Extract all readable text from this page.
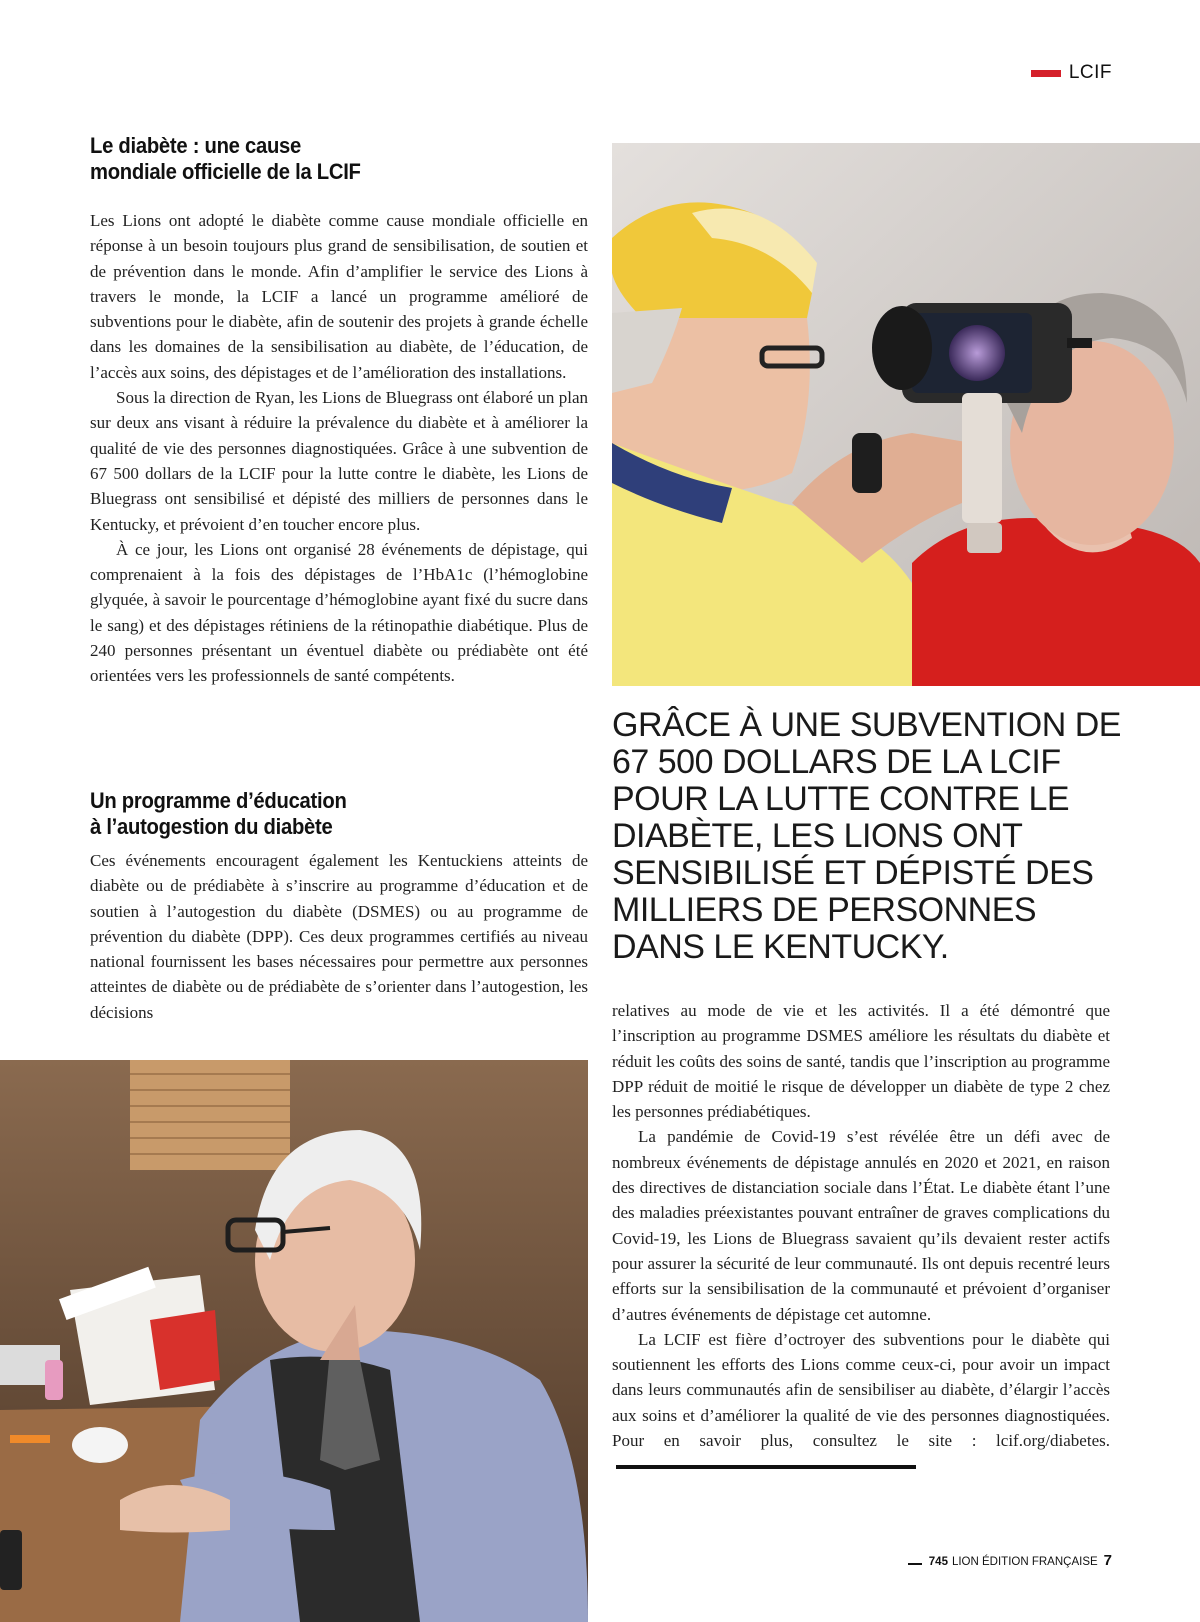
LCIF
Le diabète : une cause
mondiale officielle de la LCIF

Les Lions ont adopté le diabète comme cause mondiale officielle en réponse à un besoin toujours plus grand de sensibilisation, de soutien et de prévention dans le monde. Afin d’amplifier le service des Lions à travers le monde, la LCIF a lancé un programme amélioré de subventions pour le diabète, afin de soutenir des projets à grande échelle dans les domaines de la sensibilisation au diabète, de l’éducation, de l’accès aux soins, des dépistages et de l’amélioration des installations.

Sous la direction de Ryan, les Lions de Bluegrass ont élaboré un plan sur deux ans visant à réduire la prévalence du diabète et à améliorer la qualité de vie des personnes diagnostiquées. Grâce à une subvention de 67 500 dollars de la LCIF pour la lutte contre le diabète, les Lions de Bluegrass ont sensibilisé et dépisté des milliers de personnes dans le Kentucky, et prévoient d’en toucher encore plus.

À ce jour, les Lions ont organisé 28 événements de dépistage, qui comprenaient à la fois des dépistages de l’HbA1c (l’hémoglobine glyquée, à savoir le pourcentage d’hémoglobine ayant fixé du sucre dans le sang) et des dépistages rétiniens de la rétinopathie diabétique. Plus de 240 personnes présentant un éventuel diabète ou prédiabète ont été orientées vers les professionnels de santé compétents.

Un programme d’éducation
à l’autogestion du diabète

Ces événements encouragent également les Kentuckiens atteints de diabète ou de prédiabète à s’inscrire au programme d’éducation et de soutien à l’autogestion du diabète (DSMES) ou au programme de prévention du diabète (DPP). Ces deux programmes certifiés au niveau national fournissent les bases nécessaires pour permettre aux personnes atteintes de diabète ou de prédiabète de s’orienter dans l’autogestion, les décisions

GRÂCE À UNE SUBVENTION DE 67 500 DOLLARS DE LA LCIF POUR LA LUTTE CONTRE LE DIABÈTE, LES LIONS ONT SENSIBILISÉ ET DÉPISTÉ DES MILLIERS DE PERSONNES DANS LE KENTUCKY.

relatives au mode de vie et les activités. Il a été démontré que l’inscription au programme DSMES améliore les résultats du diabète et réduit les coûts des soins de santé, tandis que l’inscription au programme DPP réduit de moitié le risque de développer un diabète de type 2 chez les personnes prédiabétiques.

La pandémie de Covid-19 s’est révélée être un défi avec de nombreux événements de dépistage annulés en 2020 et 2021, en raison des directives de distanciation sociale dans l’État. Le diabète étant l’une des maladies préexistantes pouvant entraîner de graves complications du Covid-19, les Lions de Bluegrass savaient qu’ils devaient rester actifs pour assurer la sécurité de leur communauté. Ils ont depuis recentré leurs efforts sur la sensibilisation de la communauté et prévoient d’organiser d’autres événements de dépistage cet automne.

La LCIF est fière d’octroyer des subventions pour le diabète qui soutiennent les efforts des Lions comme ceux-ci, pour avoir un impact dans leurs communautés afin de sensibiliser au diabète, d’élargir l’accès aux soins et d’améliorer la qualité de vie des personnes diagnostiquées. Pour en savoir plus, consultez le site : lcif.org/diabetes.

745 LION ÉDITION FRANÇAISE 7
